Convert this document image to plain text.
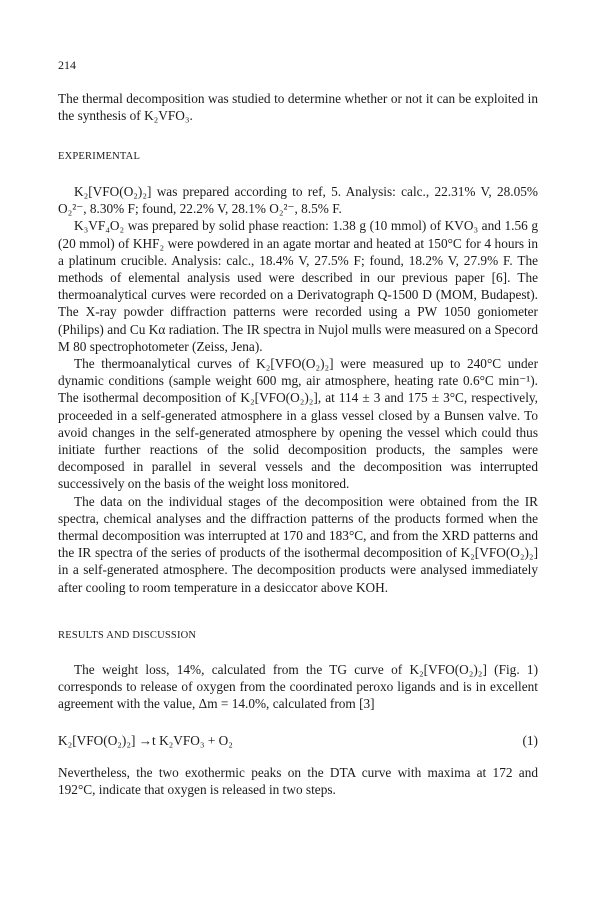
214

The thermal decomposition was studied to determine whether or not it can be exploited in the synthesis of K₂VFO₃.

EXPERIMENTAL

K₂[VFO(O₂)₂] was prepared according to ref, 5. Analysis: calc., 22.31% V, 28.05% O₂²⁻, 8.30% F; found, 22.2% V, 28.1% O₂²⁻, 8.5% F.

K₃VF₄O₂ was prepared by solid phase reaction: 1.38 g (10 mmol) of KVO₃ and 1.56 g (20 mmol) of KHF₂ were powdered in an agate mortar and heated at 150°C for 4 hours in a platinum crucible. Analysis: calc., 18.4% V, 27.5% F; found, 18.2% V, 27.9% F. The methods of elemental analysis used were described in our previous paper [6]. The thermoanalytical curves were recorded on a Derivatograph Q-1500 D (MOM, Budapest). The X-ray powder diffraction patterns were recorded using a PW 1050 goniometer (Philips) and Cu Kα radiation. The IR spectra in Nujol mulls were measured on a Specord M 80 spectrophotometer (Zeiss, Jena).

The thermoanalytical curves of K₂[VFO(O₂)₂] were measured up to 240°C under dynamic conditions (sample weight 600 mg, air atmosphere, heating rate 0.6°C min⁻¹). The isothermal decomposition of K₂[VFO(O₂)₂], at 114 ± 3 and 175 ± 3°C, respectively, proceeded in a self-generated atmosphere in a glass vessel closed by a Bunsen valve. To avoid changes in the self-generated atmosphere by opening the vessel which could thus initiate further reactions of the solid decomposition products, the samples were decomposed in parallel in several vessels and the decomposition was interrupted successively on the basis of the weight loss monitored.

The data on the individual stages of the decomposition were obtained from the IR spectra, chemical analyses and the diffraction patterns of the products formed when the thermal decomposition was interrupted at 170 and 183°C, and from the XRD patterns and the IR spectra of the series of products of the isothermal decomposition of K₂[VFO(O₂)₂] in a self-generated atmosphere. The decomposition products were analysed immediately after cooling to room temperature in a desiccator above KOH.

RESULTS AND DISCUSSION

The weight loss, 14%, calculated from the TG curve of K₂[VFO(O₂)₂] (Fig. 1) corresponds to release of oxygen from the coordinated peroxo ligands and is in excellent agreement with the value, Δm = 14.0%, calculated from [3]

K₂[VFO(O₂)₂] →t K₂VFO₃ + O₂	(1)

Nevertheless, the two exothermic peaks on the DTA curve with maxima at 172 and 192°C, indicate that oxygen is released in two steps.
